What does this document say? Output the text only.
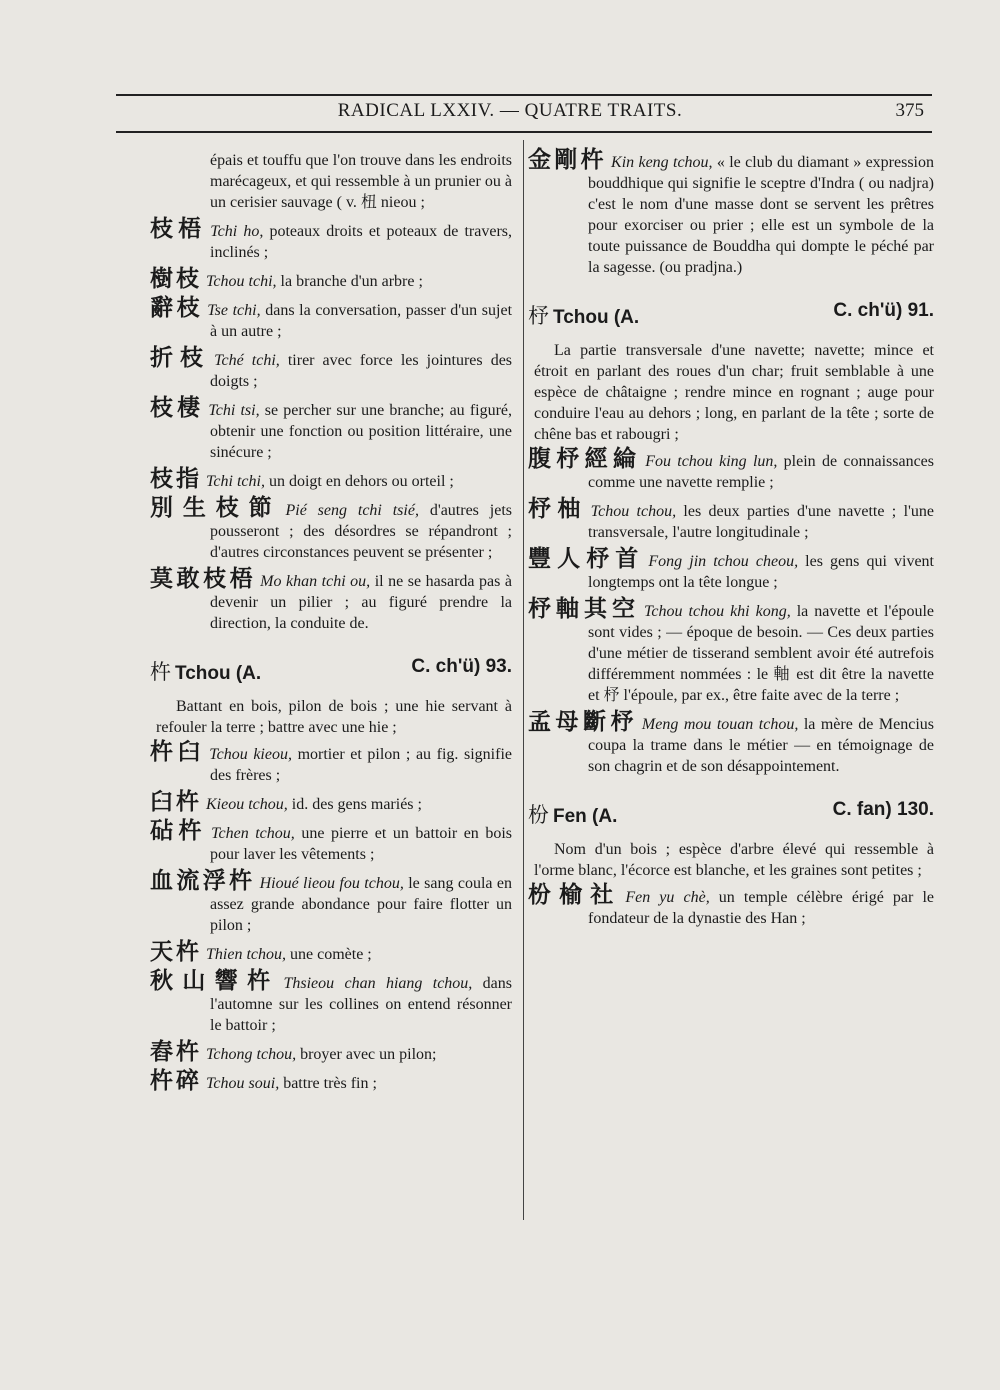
RADICAL LXXIV. — QUATRE TRAITS.	375
épais et touffu que l'on trouve dans les endroits marécageux, et qui ressemble à un prunier ou à un cerisier sauvage ( v. 杻 nieou ;
枝梧 Tchi ho, poteaux droits et poteaux de travers, inclinés ;
樹枝 Tchou tchi, la branche d'un arbre ;
辭枝 Tse tchi, dans la conversation, passer d'un sujet à un autre ;
折枝 Tché tchi, tirer avec force les jointures des doigts ;
枝棲 Tchi tsi, se percher sur une branche; au figuré, obtenir une fonction ou position littéraire, une sinécure ;
枝指 Tchi tchi, un doigt en dehors ou orteil ;
別生枝節 Pié seng tchi tsié, d'autres jets pousseront ; des désordres se répandront ; d'autres circonstances peuvent se présenter ;
莫敢枝梧 Mo khan tchi ou, il ne se hasarda pas à devenir un pilier ; au figuré prendre la direction, la conduite de.
杵 Tchou (A.	C. ch'ü) 93.
Battant en bois, pilon de bois ; une hie servant à refouler la terre ; battre avec une hie ;
杵臼 Tchou kieou, mortier et pilon ; au fig. signifie des frères ;
臼杵 Kieou tchou, id. des gens mariés ;
砧杵 Tchen tchou, une pierre et un battoir en bois pour laver les vêtements ;
血流浮杵 Hioué lieou fou tchou, le sang coula en assez grande abondance pour faire flotter un pilon ;
天杵 Thien tchou, une comète ;
秋山響杵 Thsieou chan hiang tchou, dans l'automne sur les collines on entend résonner le battoir ;
舂杵 Tchong tchou, broyer avec un pilon;
杵碎 Tchou soui, battre très fin ;
金剛杵 Kin keng tchou, « le club du diamant » expression bouddhique qui signifie le sceptre d'Indra ( ou nadjra) c'est le nom d'une masse dont se servent les prêtres pour exorciser ou prier ; elle est un symbole de la toute puissance de Bouddha qui dompte le péché par la sagesse. (ou pradjna.)
杼 Tchou (A.	C. ch'ü) 91.
La partie transversale d'une navette; navette; mince et étroit en parlant des roues d'un char; fruit semblable à une espèce de châtaigne ; rendre mince en rognant ; auge pour conduire l'eau au dehors ; long, en parlant de la tête ; sorte de chêne bas et rabougri ;
腹杼經綸 Fou tchou king lun, plein de connaissances comme une navette remplie ;
杼柚 Tchou tchou, les deux parties d'une navette ; l'une transversale, l'autre longitudinale ;
豐人杼首 Fong jin tchou cheou, les gens qui vivent longtemps ont la tête longue ;
杼軸其空 Tchou tchou khi kong, la navette et l'époule sont vides ; — époque de besoin. — Ces deux parties d'une métier de tisserand semblent avoir été autrefois différemment nommées : le 軸 est dit être la navette et 杼 l'époule, par ex., être faite avec de la terre ;
孟母斷杼 Meng mou touan tchou, la mère de Mencius coupa la trame dans le métier — en témoignage de son chagrin et de son désappointement.
枌 Fen (A.	C. fan) 130.
Nom d'un bois ; espèce d'arbre élevé qui ressemble à l'orme blanc, l'écorce est blanche, et les graines sont petites ;
枌榆社 Fen yu chè, un temple célèbre érigé par le fondateur de la dynastie des Han ;
